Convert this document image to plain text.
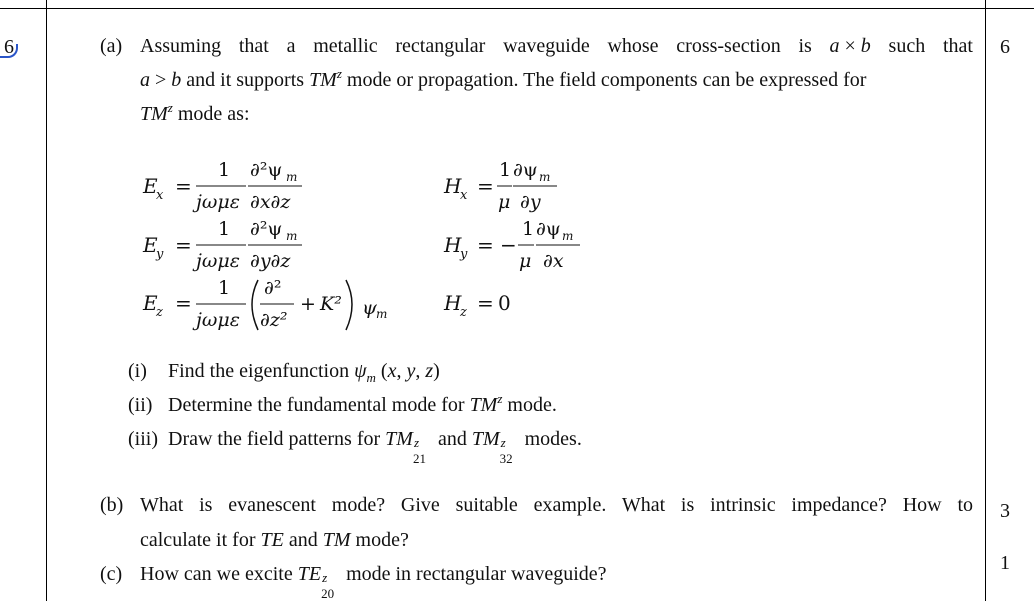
6	(a) Assuming that a metallic rectangular waveguide whose cross-section is a × b such that
a > b and it supports $TM^z$ mode or propagation. The field components can be expressed for
$TM^z$ mode as:
6
E
x =
1
jωμε
∂²ψ m
∂x∂z
E
y =
1
jωμε
∂²ψ m
∂y∂z
E
z =
1
jωμε
∂²
∂z²
+ K² ψ m
H
x =
1
μ
∂ψ m
∂y
H
y = −
1
μ
∂ψ m
∂x
H
z = 0
(i) Find the eigenfunction $\psi_m$ (x, y, z)
(ii) Determine the fundamental mode for $TM^z$ mode.
(iii) Draw the field patterns for TM z
21
and TM z
32
modes.
(b) What is evanescent mode? Give suitable example. What is intrinsic impedance? How to
calculate it for TE and TM mode?
3
(c) How can we excite TE z
20
mode in rectangular waveguide?	1
